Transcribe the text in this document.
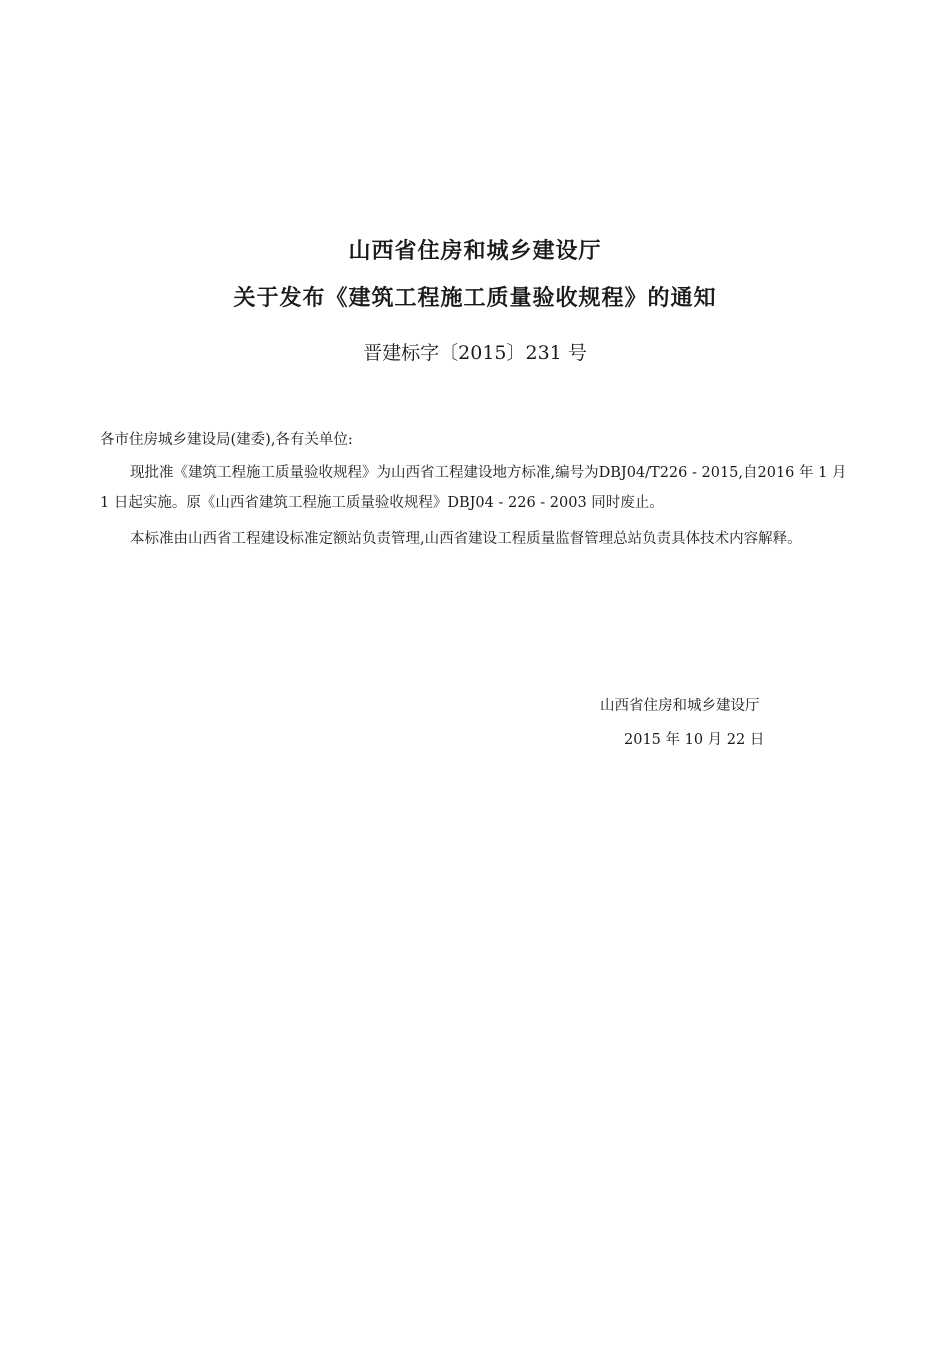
山西省住房和城乡建设厅
关于发布《建筑工程施工质量验收规程》的通知
晋建标字〔2015〕231 号
各市住房城乡建设局(建委),各有关单位:
现批准《建筑工程施工质量验收规程》为山西省工程建设地方标准,编号为DBJ04/T226 - 2015,自2016 年 1 月 1 日起实施。原《山西省建筑工程施工质量验收规程》DBJ04 - 226 - 2003 同时废止。
本标准由山西省工程建设标准定额站负责管理,山西省建设工程质量监督管理总站负责具体技术内容解释。
山西省住房和城乡建设厅
2015 年 10 月 22 日
